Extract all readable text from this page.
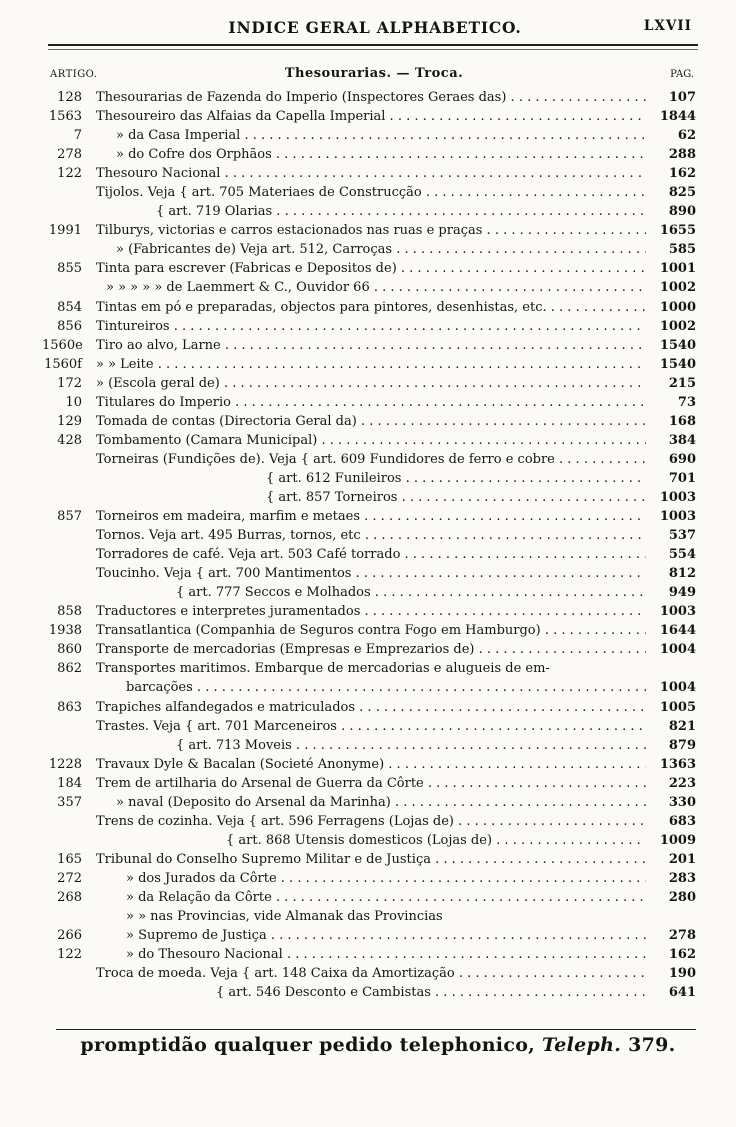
INDICE GERAL ALPHABETICO.	LXVII
ARTIGO.	Thesourarias. — Troca.	PAG.
128 Thesourarias de Fazenda do Imperio (Inspectores Geraes das) . . .	107
1563 Thesoureiro das Alfaias da Capella Imperial . . .	1844
7	» da Casa Imperial . . .	62
278	» do Cofre dos Orphãos . . .	288
122 Thesouro Nacional . . .	162
Tijolos. Veja { art. 705 Materiaes de Construcção . . .	825
{ art. 719 Olarias . . .	890
1991 Tilburys, victorias e carros estacionados nas ruas e praças . . .	1655
» (Fabricantes de) Veja art. 512, Carroças . . .	585
855 Tinta para escrever (Fabricas e Depositos de) . . .	1001
» » » » » de Laemmert & C., Ouvidor 66 . . .	1002
854 Tintas em pó e preparadas, objectos para pintores, desenhistas, etc. . . .	1000
856 Tintureiros . . .	1002
1560e Tiro ao alvo, Larne . . .	1540
1560f » » Leite . . .	1540
172 » (Escola geral de) . . .	215
10 Titulares do Imperio . . .	73
129 Tomada de contas (Directoria Geral da) . . .	168
428 Tombamento (Camara Municipal) . . .	384
Torneiras (Fundições de). Veja { art. 609 Fundidores de ferro e cobre . . .	690
{ art. 612 Funileiros . . .	701
{ art. 857 Torneiros . . .	1003
857 Torneiros em madeira, marfim e metaes . . .	1003
Tornos. Veja art. 495 Burras, tornos, etc . . .	537
Torradores de café. Veja art. 503 Café torrado . . .	554
Toucinho. Veja { art. 700 Mantimentos . . .	812
{ art. 777 Seccos e Molhados . . .	949
858 Traductores e interpretes juramentados . . .	1003
1938 Transatlantica (Companhia de Seguros contra Fogo em Hamburgo) . . .	1644
860 Transporte de mercadorias (Empresas e Emprezarios de) . . .	1004
862 Transportes maritimos. Embarque de mercadorias e alugueis de em-
barcações . . .	1004
863 Trapiches alfandegados e matriculados . . .	1005
Trastes. Veja { art. 701 Marceneiros . . .	821
{ art. 713 Moveis . . .	879
1228 Travaux Dyle & Bacalan (Societé Anonyme) . . .	1363
184 Trem de artilharia do Arsenal de Guerra da Côrte . . .	223
357	» naval (Deposito do Arsenal da Marinha) . . .	330
Trens de cozinha. Veja { art. 596 Ferragens (Lojas de) . . .	683
{ art. 868 Utensis domesticos (Lojas de) . . .	1009
165 Tribunal do Conselho Supremo Militar e de Justiça . . .	201
272	» dos Jurados da Côrte . . .	283
268	» da Relação da Côrte . . .	280
» » nas Provincias, vide Almanak das Provincias
266	» Supremo de Justiça . . .	278
122	» do Thesouro Nacional . . .	162
Troca de moeda. Veja { art. 148 Caixa da Amortização . . .	190
{ art. 546 Desconto e Cambistas . . .	641
promptidão qualquer pedido telephonico, Teleph. 379.
